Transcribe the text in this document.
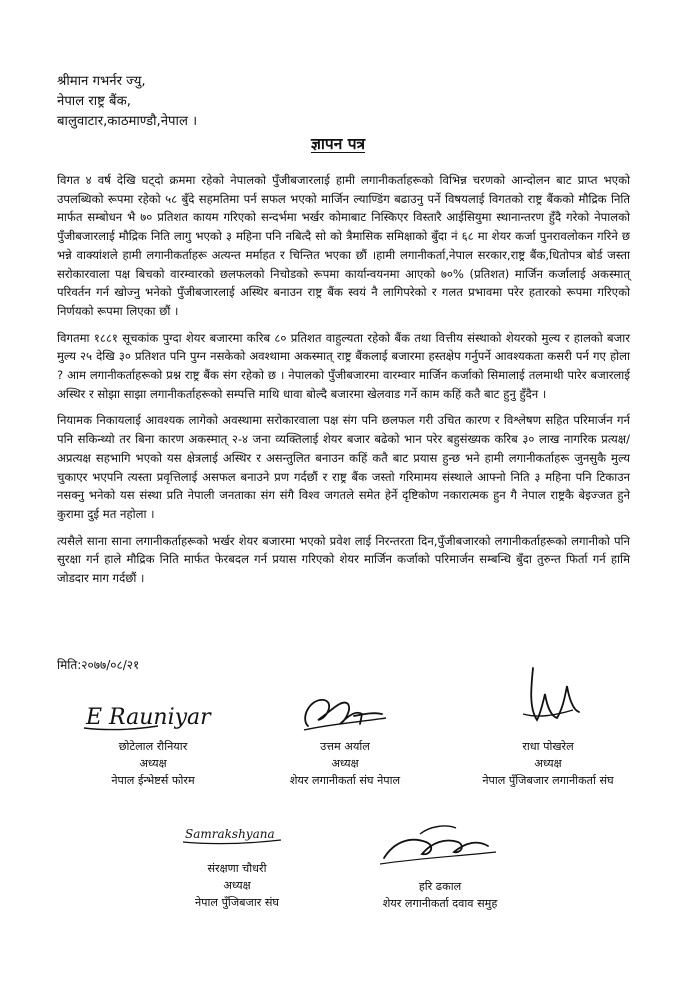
श्रीमान गभर्नर ज्यु,
नेपाल राष्ट्र बैंक,
बालुवाटार,काठमाण्डौ,नेपाल ।
ज्ञापन पत्र

विगत ४ वर्ष देखि घट्दो क्रममा रहेको नेपालको पुँजीबजारलाई हामी लगानीकर्ताहरूको विभिन्न चरणको आन्दोलन बाट प्राप्त भएको उपलब्धिको रूपमा रहेको ५८ बुँदे सहमतिमा पर्न सफल भएको मार्जिन ल्याण्डिंग बढाउनु पर्ने विषयलाई विगतको राष्ट्र बैंकको मौद्रिक निति मार्फत सम्बोधन भै ७० प्रतिशत कायम गरिएको सन्दर्भमा भर्खर कोमाबाट निस्किएर विस्तारै आईसियुमा स्थानान्तरण हुँदै गरेको नेपालको पुँजीबजारलाई मौद्रिक निति लागु भएको ३ महिना पनि नबित्दै सो को त्रैमासिक समिक्षाको बुँदा नं ६८ मा शेयर कर्जा पुनरावलोकन गरिने छ भन्ने वाक्यांशले हामी लगानीकर्ताहरू अत्यन्त मर्माहत र चिन्तित भएका छौं ।हामी लगानीकर्ता,नेपाल सरकार,राष्ट्र बैंक,धितोपत्र बोर्ड जस्ता सरोकारवाला पक्ष बिचको वारम्वारको छलफलको निचोडको रूपमा कार्यान्वयनमा आएको ७०% (प्रतिशत) मार्जिन कर्जालाई अकस्मात् परिवर्तन गर्न खोज्नु भनेको पुँजीबजारलाई अस्थिर बनाउन राष्ट्र बैंक स्वयं नै लागिपरेको र गलत प्रभावमा परेर हतारको रूपमा गरिएको निर्णयको रूपमा लिएका छौं ।

विगतमा १८८१ सूचकांक पुग्दा शेयर बजारमा करिब ८० प्रतिशत वाहुल्यता रहेको बैंक तथा वित्तीय संस्थाको शेयरको मुल्य र हालको बजार मुल्य २५ देखि ३० प्रतिशत पनि पुग्न नसकेको अवश्थामा अकस्मात् राष्ट्र बैंकलाई बजारमा हस्तक्षेप गर्नुपर्ने आवश्यकता कसरी पर्न गए होला ? आम लगानीकर्ताहरूको प्रश्न राष्ट्र बैंक संग रहेको छ । नेपालको पुँजीबजारमा वारम्वार मार्जिन कर्जाको सिमालाई तलमाथी पारेर बजारलाई अस्थिर र सोझा साझा लगानीकर्ताहरूको सम्पत्ति माथि धावा बोल्दै बजारमा खेलवाड गर्ने काम कहिं कतै बाट हुनु हुँदैन ।

नियामक निकायलाई आवश्यक लागेको अवस्थामा सरोकारवाला पक्ष संग पनि छलफल गरी उचित कारण र विश्लेषण सहित परिमार्जन गर्न पनि सकिन्थ्यो तर बिना कारण अकस्मात् २-४ जना व्यक्तिलाई शेयर बजार बढेको भान परेर बहुसंख्यक करिब ३० लाख नागरिक प्रत्यक्ष/अप्रत्यक्ष सहभागि भएको यस क्षेत्रलाई अस्थिर र असन्तुलित बनाउन कहिं कतै बाट प्रयास हुन्छ भने हामी लगानीकर्ताहरू जुनसुकै मुल्य चुकाएर भएपनि त्यस्ता प्रवृत्तिलाई असफल बनाउने प्रण गर्दछौं र राष्ट्र बैंक जस्तो गरिमामय संस्थाले आफ्नो निति ३ महिना पनि टिकाउन नसक्नु भनेको यस संस्था प्रति नेपाली जनताका संग संगै विश्व जगतले समेत हेर्ने दृष्टिकोण नकारात्मक हुन गै नेपाल राष्ट्रकै बेइज्जत हुने कुरामा दुई मत नहोला ।

त्यसैले साना साना लगानीकर्ताहरूको भर्खर शेयर बजारमा भएको प्रवेश लाई निरन्तरता दिन,पुँजीबजारको लगानीकर्ताहरूको लगानीको पनि सुरक्षा गर्न हाले मौद्रिक निति मार्फत फेरबदल गर्न प्रयास गरिएको शेयर मार्जिन कर्जाको परिमार्जन सम्बन्धि बुँदा तुरुन्त फिर्ता गर्न हामि जोडदार माग गर्दछौं ।

मिति:२०७७/०८/२१
E Rauniyar
छोटेलाल रौनियार
अध्यक्ष
नेपाल ईन्भेष्टर्स फोरम
उत्तम अर्याल
अध्यक्ष
शेयर लगानीकर्ता संघ नेपाल
राधा पोखरेल
अध्यक्ष
नेपाल पुँजिबजार लगानीकर्ता संघ
Samrakshyana
संरक्षणा चौधरी
अध्यक्ष
नेपाल पुँजिबजार संघ
हरि ढकाल
शेयर लगानीकर्ता दवाव समुह
